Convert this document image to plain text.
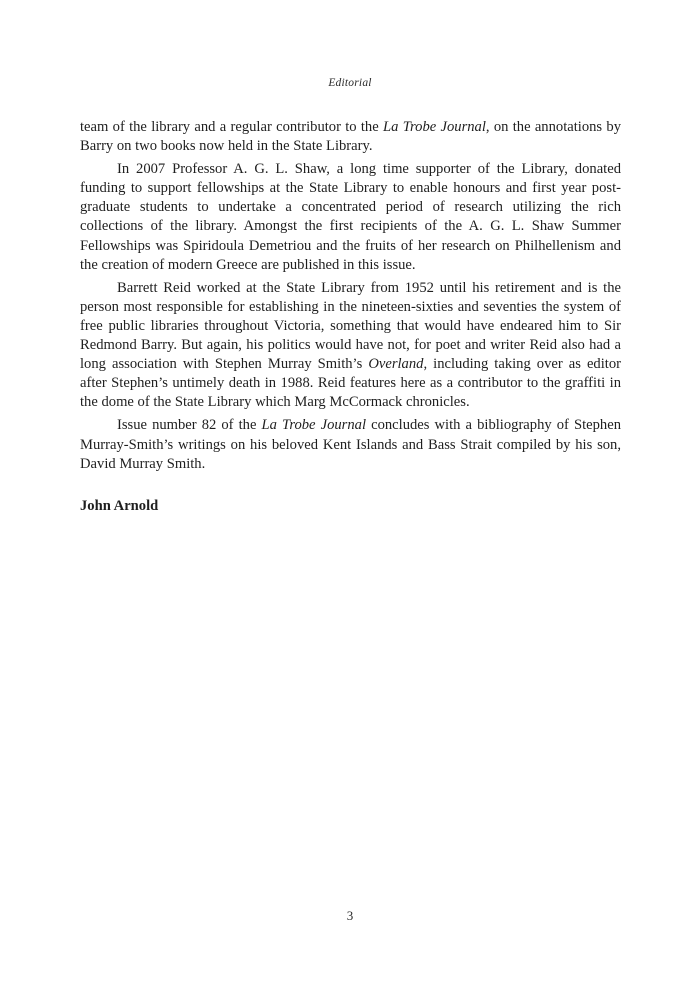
Editorial

team of the library and a regular contributor to the La Trobe Journal, on the annotations by Barry on two books now held in the State Library.

In 2007 Professor A. G. L. Shaw, a long time supporter of the Library, donated funding to support fellowships at the State Library to enable honours and first year post-graduate students to undertake a concentrated period of research utilizing the rich collections of the library. Amongst the first recipients of the A. G. L. Shaw Summer Fellowships was Spiridoula Demetriou and the fruits of her research on Philhellenism and the creation of modern Greece are published in this issue.

Barrett Reid worked at the State Library from 1952 until his retirement and is the person most responsible for establishing in the nineteen-sixties and seventies the system of free public libraries throughout Victoria, something that would have endeared him to Sir Redmond Barry. But again, his politics would have not, for poet and writer Reid also had a long association with Stephen Murray Smith’s Overland, including taking over as editor after Stephen’s untimely death in 1988. Reid features here as a contributor to the graffiti in the dome of the State Library which Marg McCormack chronicles.

Issue number 82 of the La Trobe Journal concludes with a bibliography of Stephen Murray-Smith’s writings on his beloved Kent Islands and Bass Strait compiled by his son, David Murray Smith.

John Arnold
3
